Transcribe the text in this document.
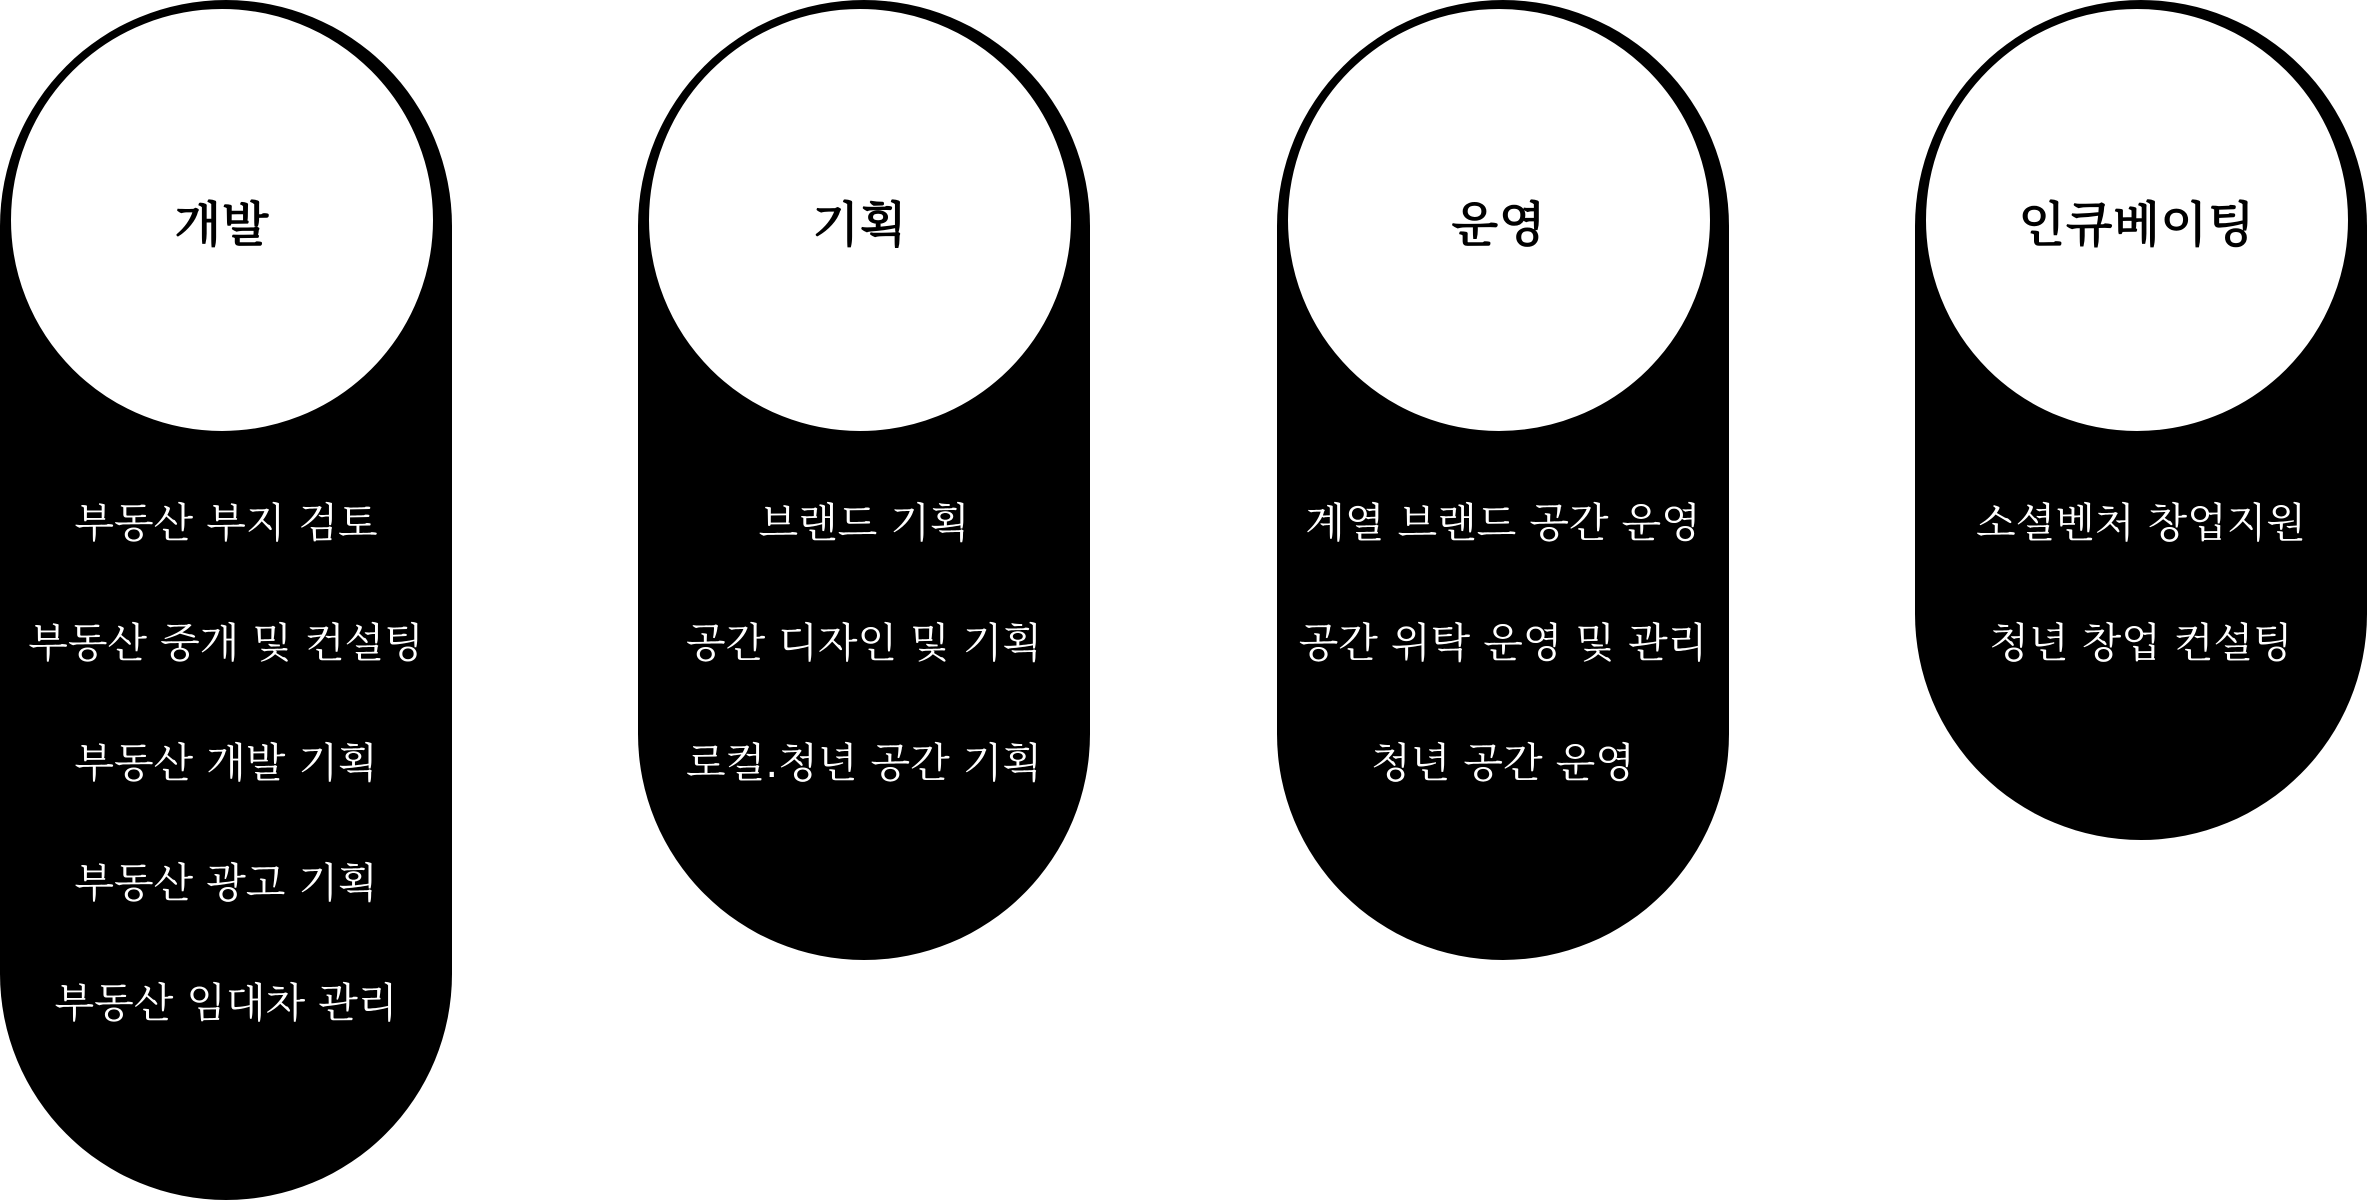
개발
부동산 부지 검토
부동산 중개 및 컨설팅
부동산 개발 기획
부동산 광고 기획
부동산 임대차 관리
기획
브랜드 기획
공간 디자인 및 기획
로컬.청년 공간 기획
운영
계열 브랜드 공간 운영
공간 위탁 운영 및 관리
청년 공간 운영
인큐베이팅
소셜벤처 창업지원
청년 창업 컨설팅
